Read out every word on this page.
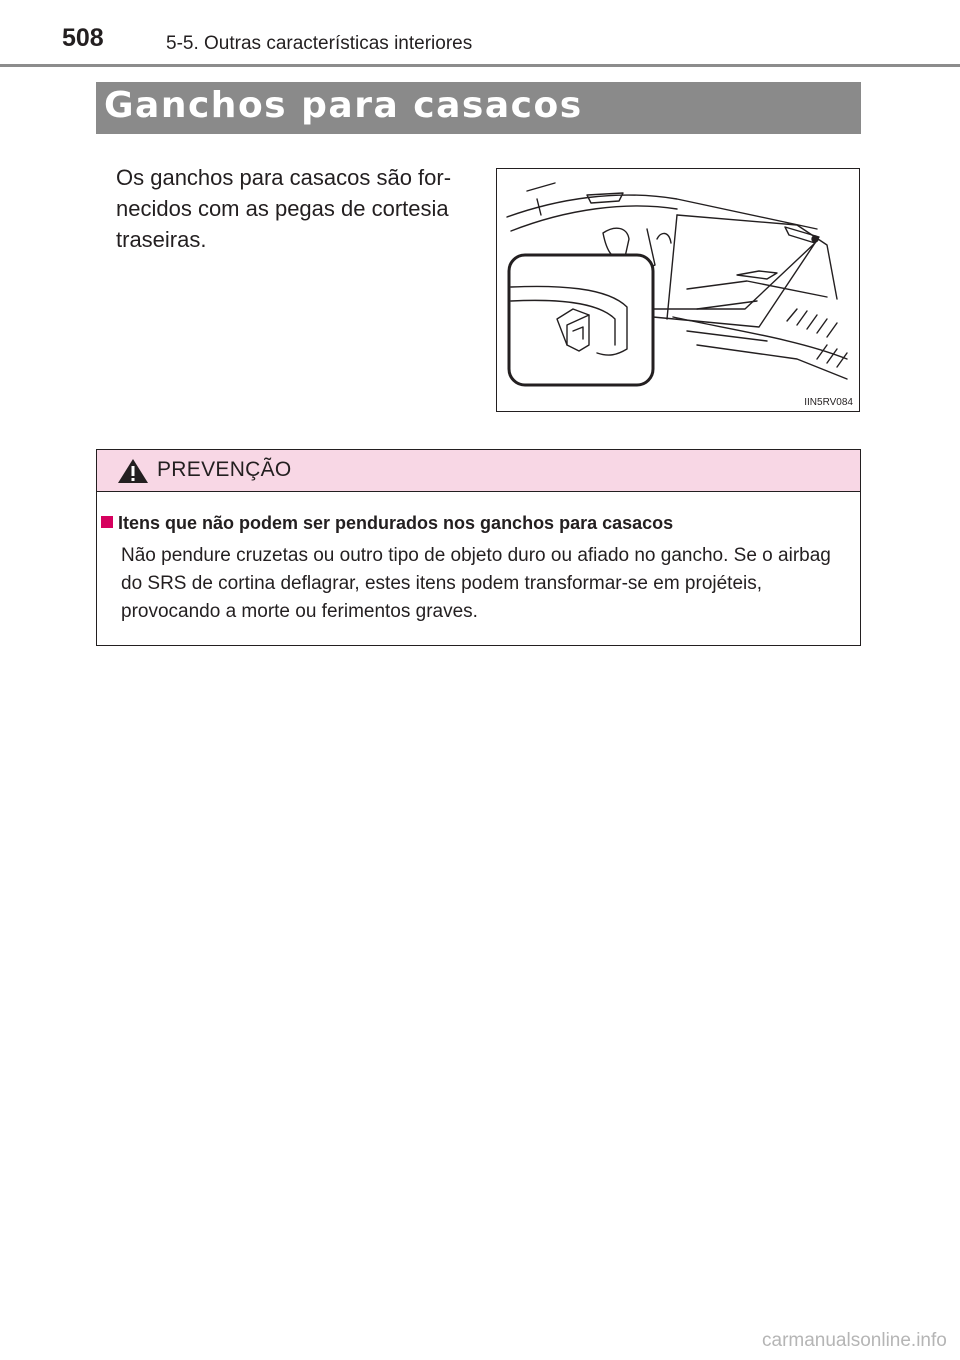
508	5-5. Outras características interiores
Ganchos para casacos
Os ganchos para casacos são for-necidos com as pegas de cortesia traseiras.
IIN5RV084
PREVENÇÃO
Itens que não podem ser pendurados nos ganchos para casacos
Não pendure cruzetas ou outro tipo de objeto duro ou afiado no gancho. Se o airbag do SRS de cortina deflagrar, estes itens podem transformar-se em projéteis, provocando a morte ou ferimentos graves.
carmanualsonline.info
